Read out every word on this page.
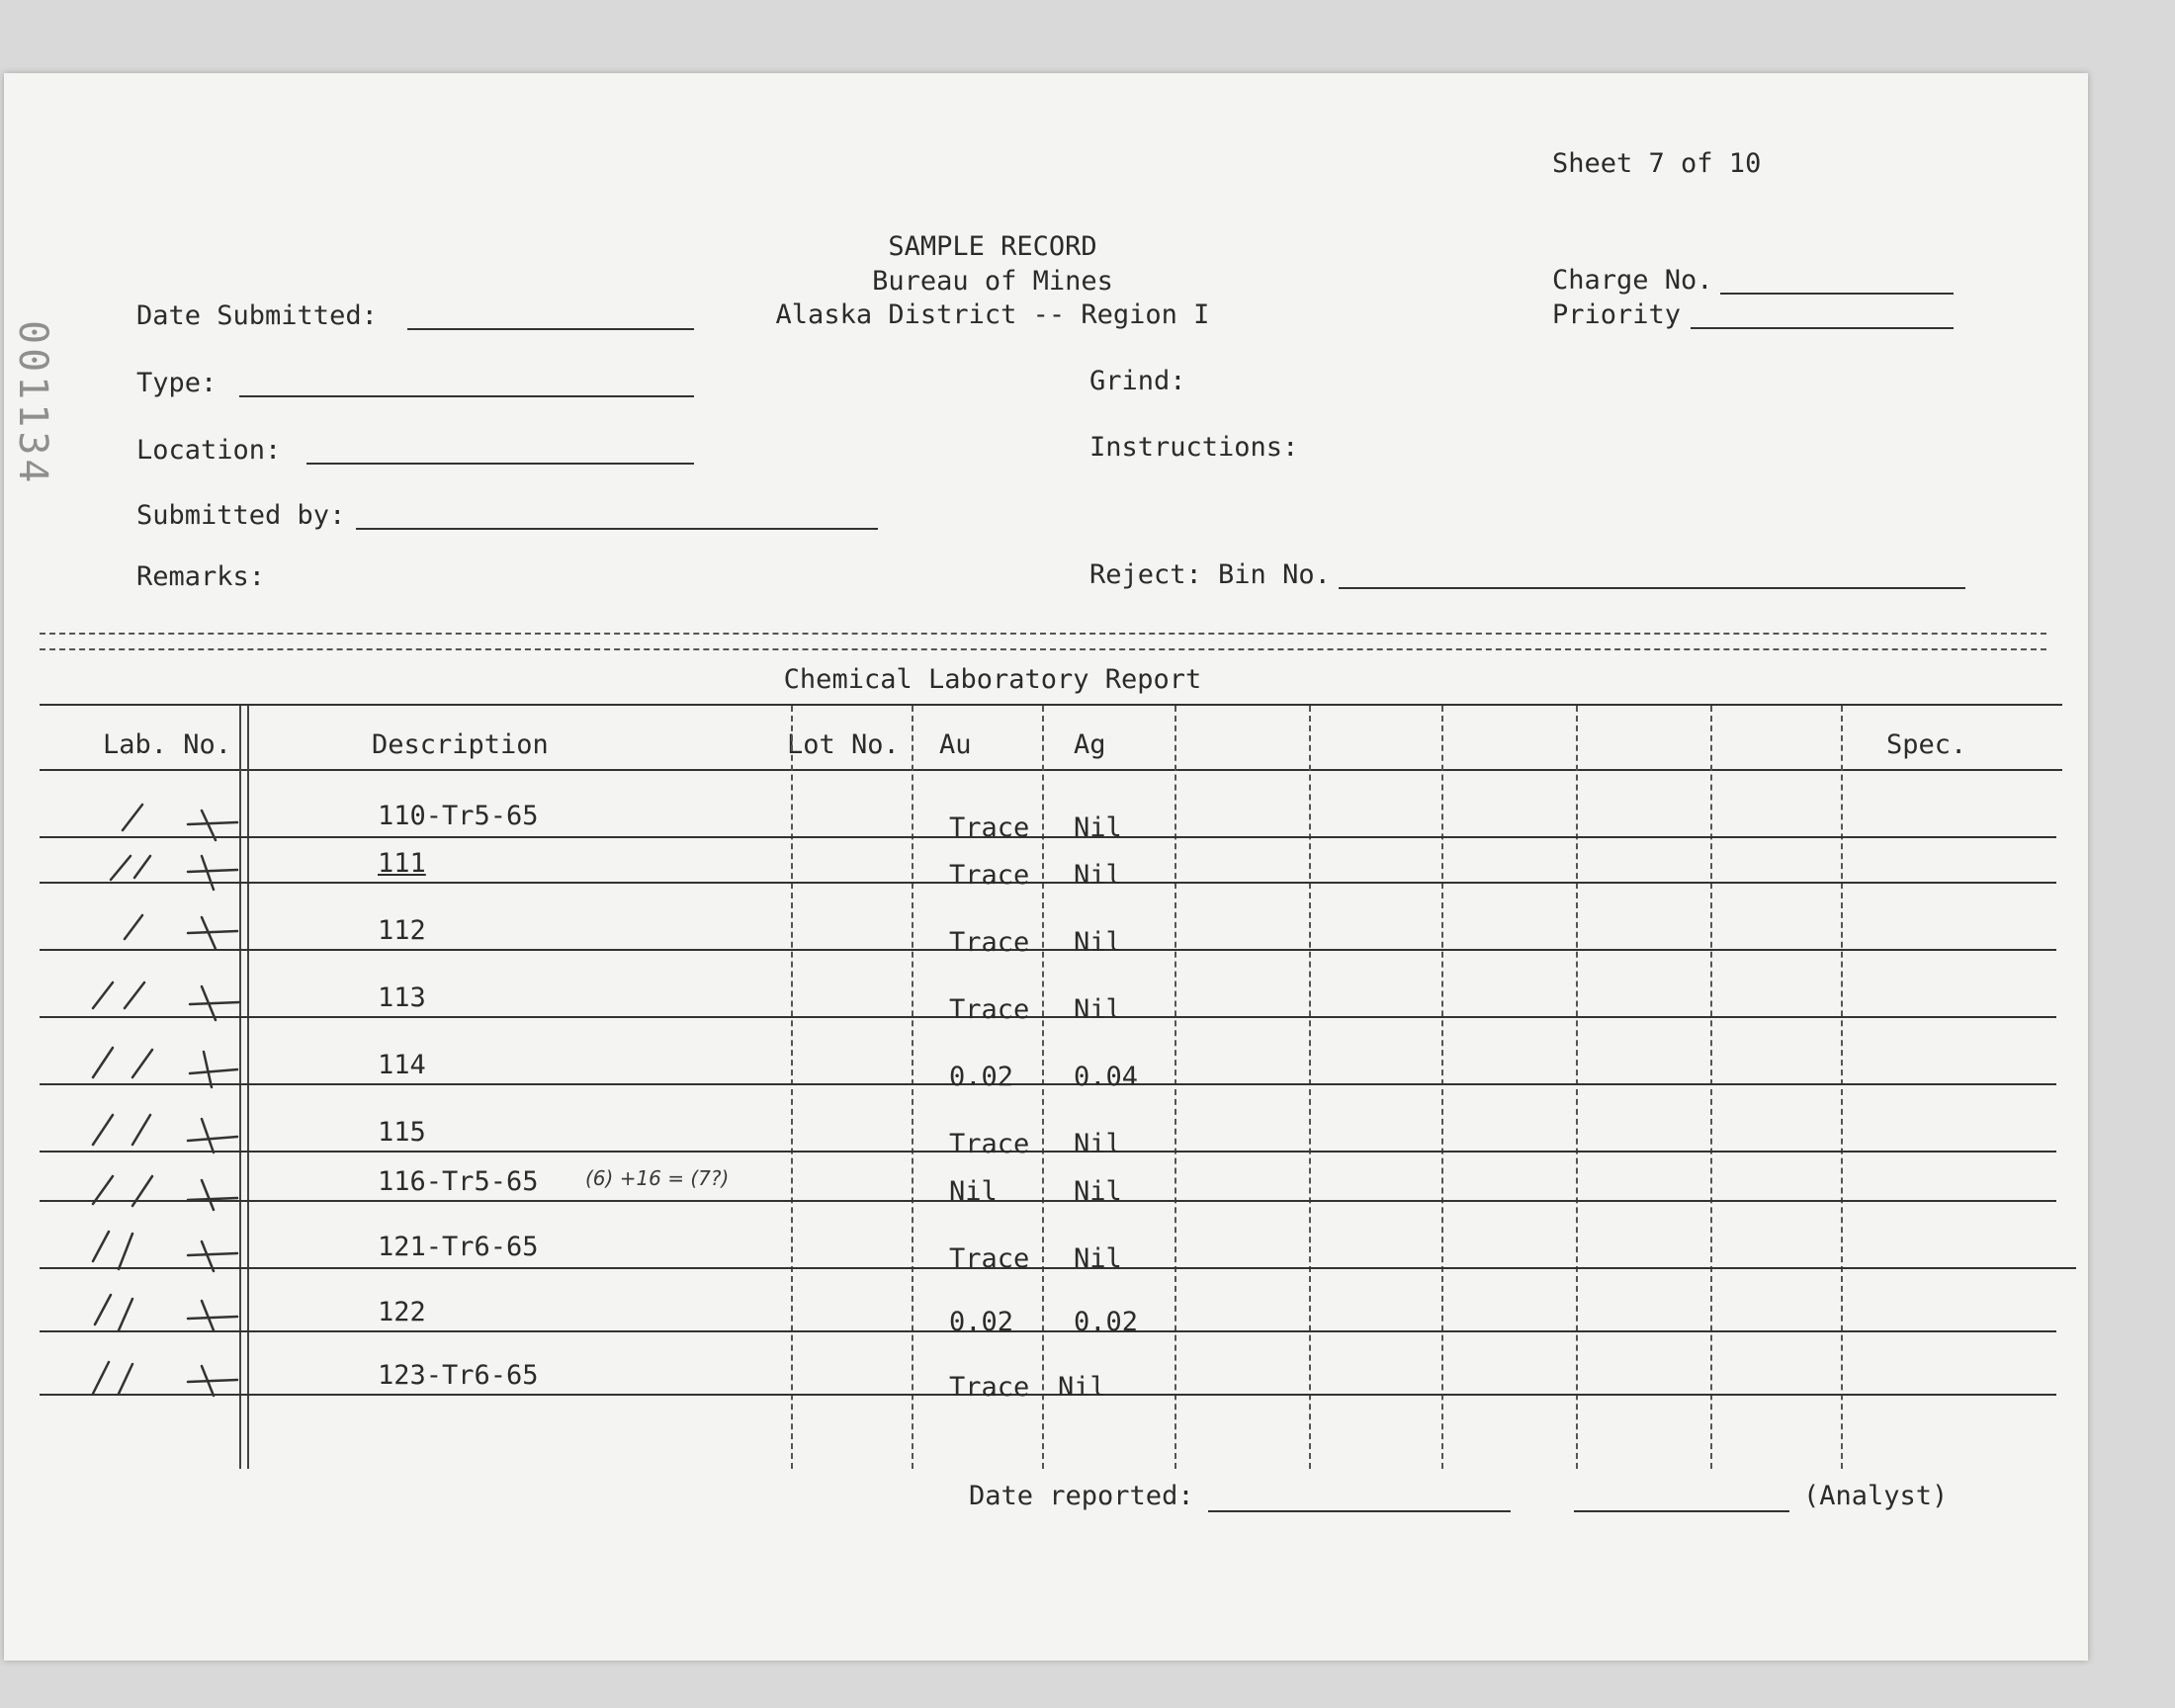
001134
Sheet 7 of 10
SAMPLE RECORD
Bureau of Mines
Alaska District -- Region I
Date Submitted:
Type:
Location:
Submitted by:
Remarks:
Charge No.
Priority
Grind:
Instructions:
Reject: Bin No.
Chemical Laboratory Report
Lab. No.	Description	Lot No. Au	Ag	Spec.
110-Tr5-65	Trace Nil
111	Trace Nil
112	Trace Nil
113	Trace Nil
114	0.02 0.04
115	Trace Nil
116-Tr5-65 (6) +16 = (7?)	Nil	Nil
121-Tr6-65	Trace Nil
122	0.02 0.02
123-Tr6-65	Trace Nil
Date reported:	(Analyst)
